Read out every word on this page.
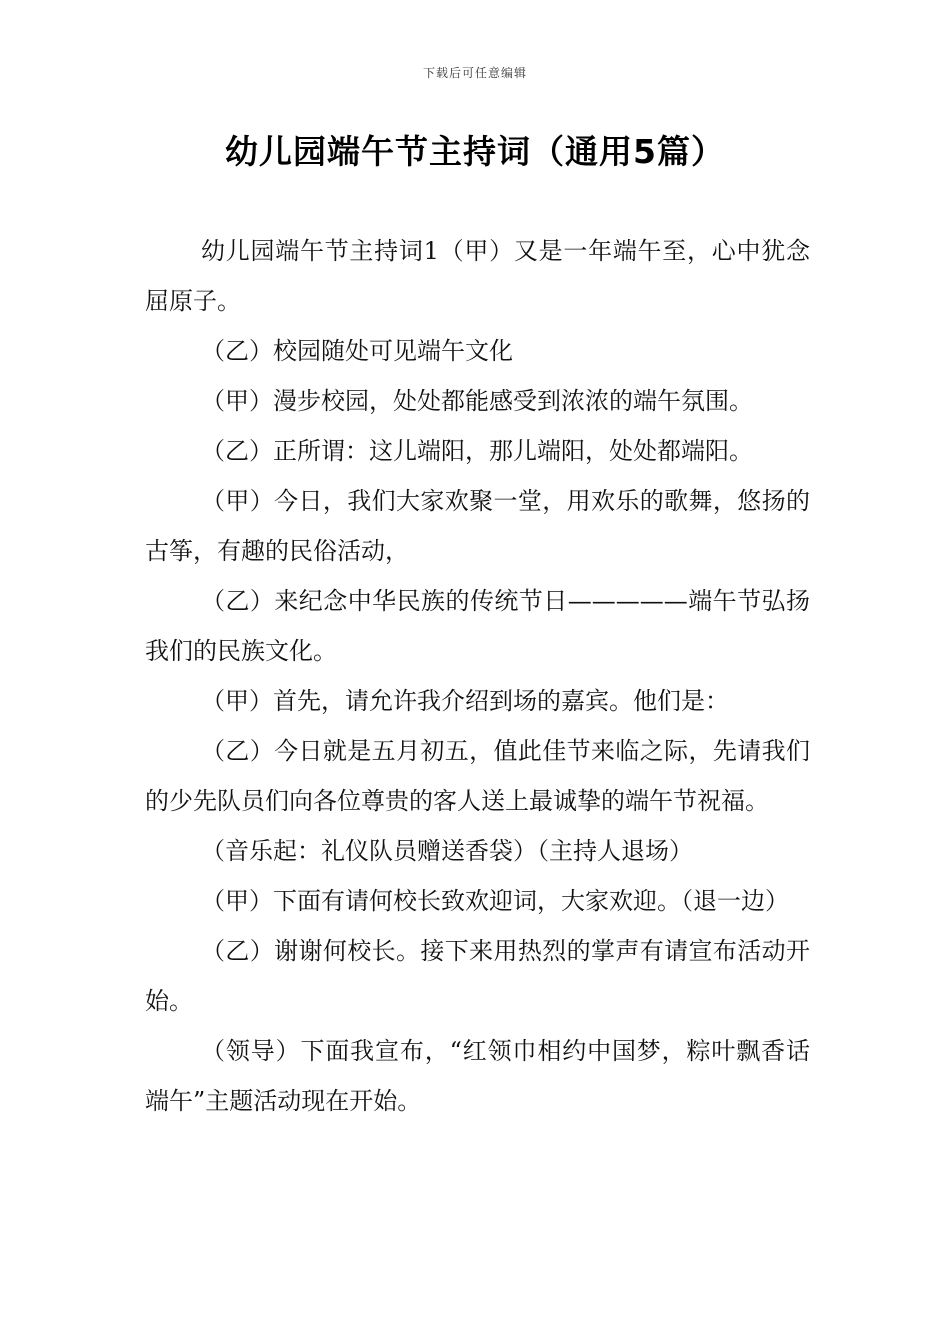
下载后可任意编辑
幼儿园端午节主持词（通用5篇）

幼儿园端午节主持词1（甲）又是一年端午至，心中犹念屈原子。

（乙）校园随处可见端午文化

（甲）漫步校园，处处都能感受到浓浓的端午氛围。

（乙）正所谓：这儿端阳，那儿端阳，处处都端阳。

（甲）今日，我们大家欢聚一堂，用欢乐的歌舞，悠扬的古筝，有趣的民俗活动，

（乙）来纪念中华民族的传统节日—————端午节弘扬我们的民族文化。

（甲）首先，请允许我介绍到场的嘉宾。他们是：

（乙）今日就是五月初五，值此佳节来临之际，先请我们的少先队员们向各位尊贵的客人送上最诚挚的端午节祝福。

（音乐起：礼仪队员赠送香袋）（主持人退场）

（甲）下面有请何校长致欢迎词，大家欢迎。（退一边）

（乙）谢谢何校长。接下来用热烈的掌声有请宣布活动开始。

（领导）下面我宣布，“红领巾相约中国梦，粽叶飘香话端午”主题活动现在开始。
